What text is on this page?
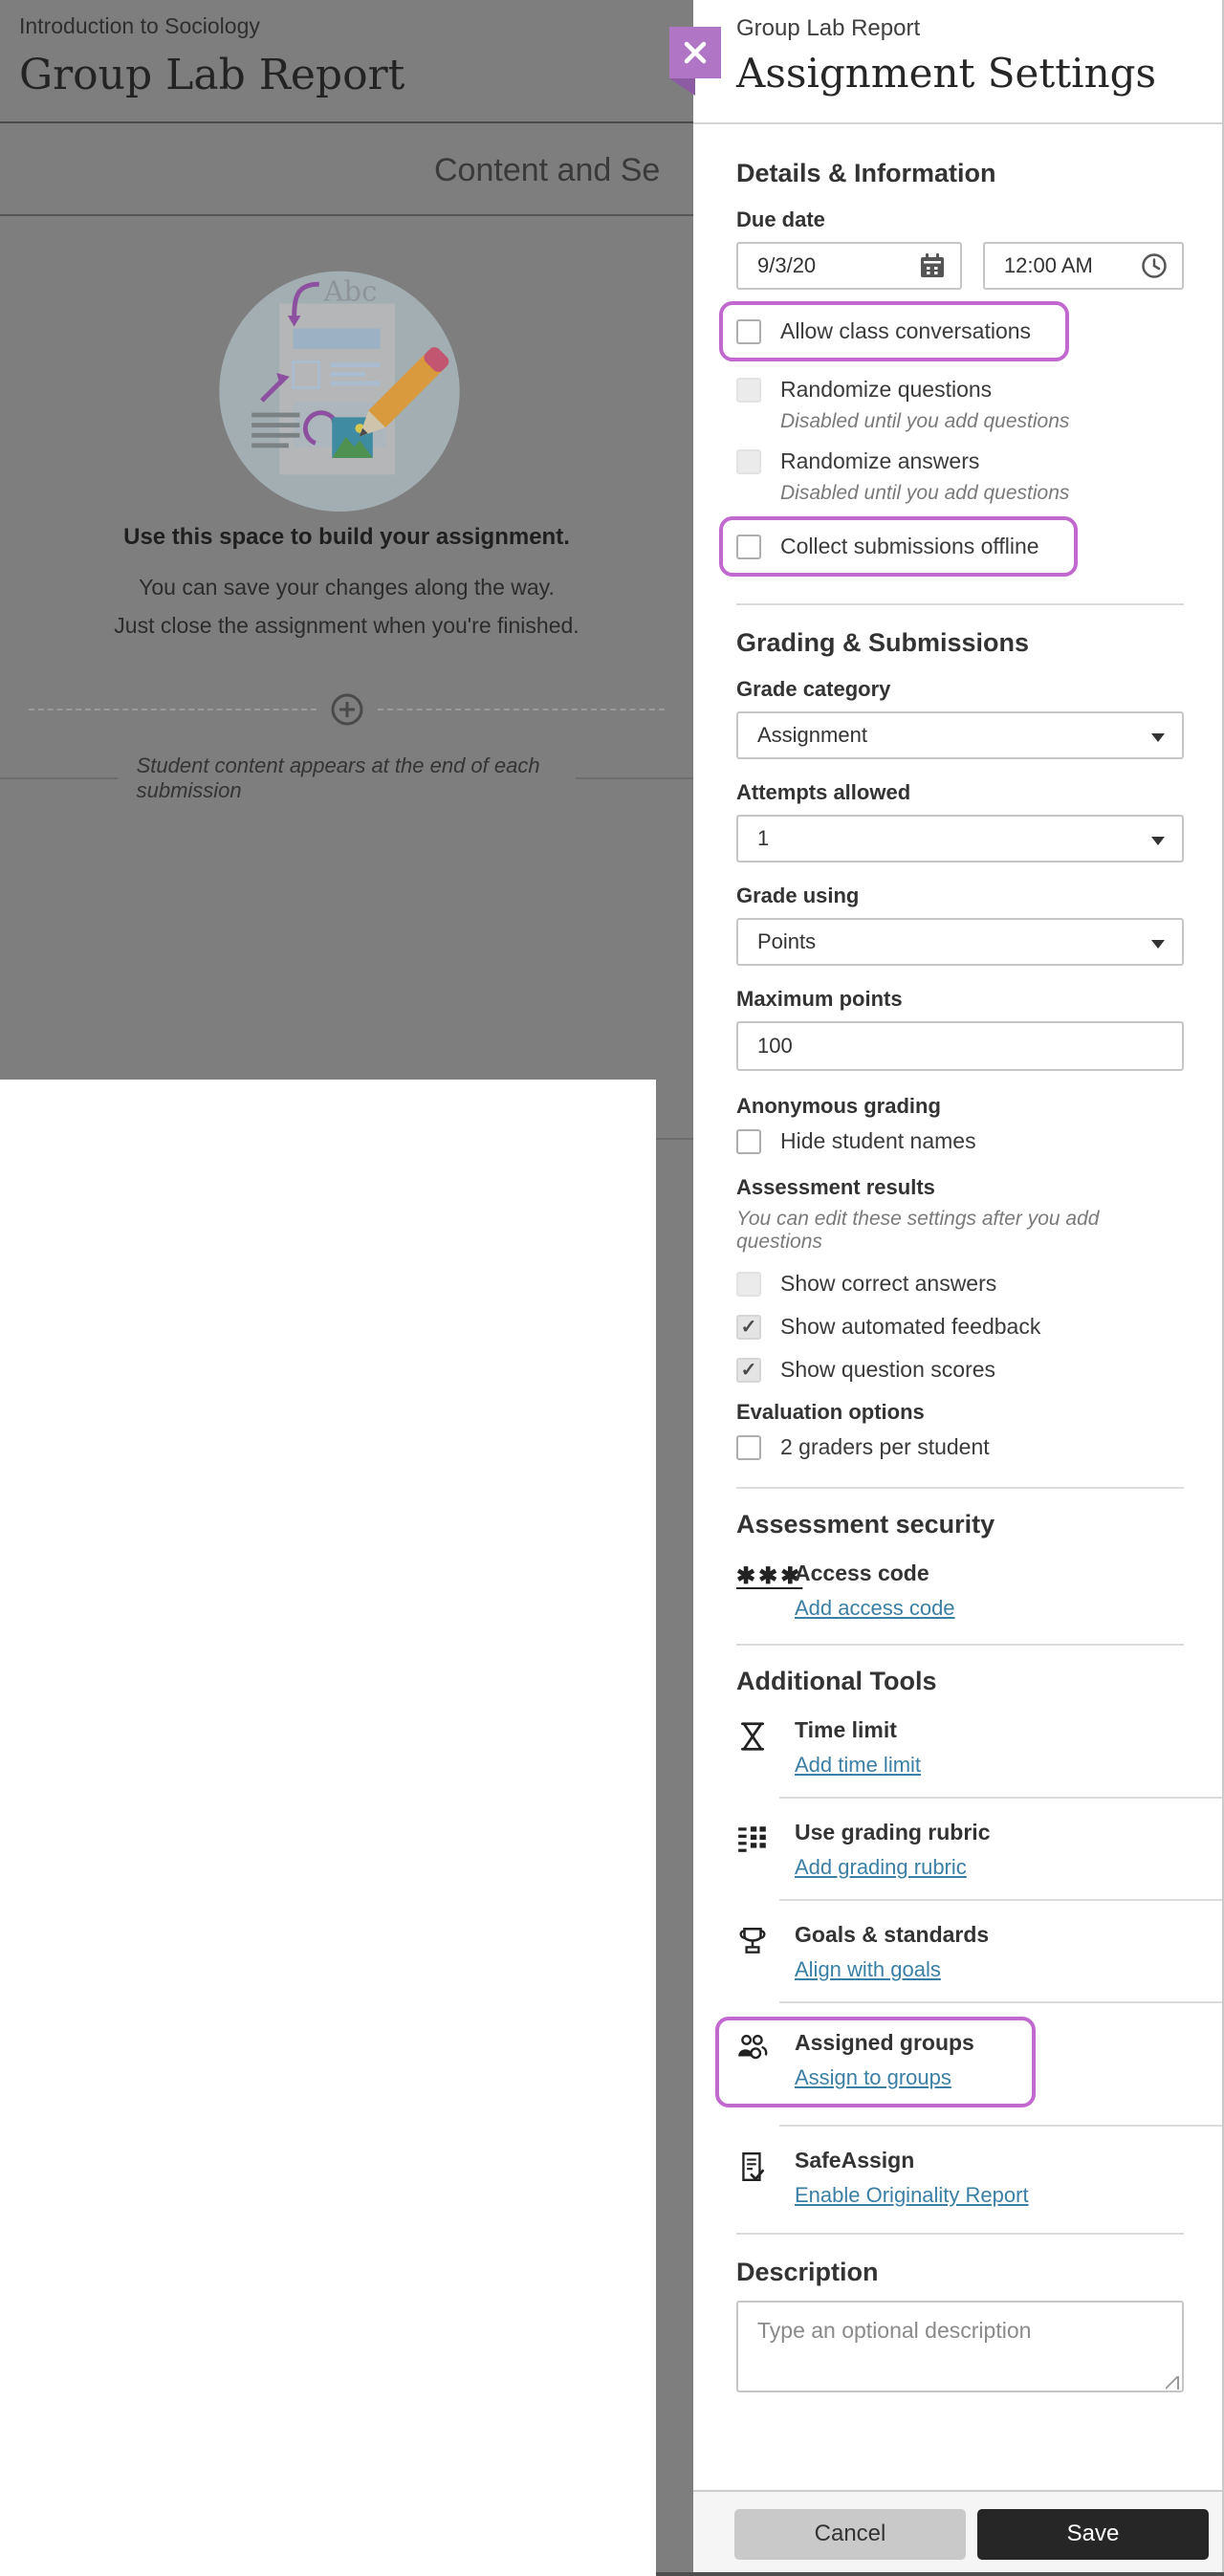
Introduction to Sociology
Group Lab Report
Content and Se
Abc
Use this space to build your assignment.
You can save your changes along the way.
Just close the assignment when you're finished.
Student content appears at the end of each submission
Group Lab Report
Assignment Settings
Details & Information
Due date
9/3/20	12:00 AM
Allow class conversations
Randomize questions
Disabled until you add questions
Randomize answers
Disabled until you add questions
Collect submissions offline
Grading & Submissions
Grade category
Assignment
Attempts allowed
1
Grade using
Points
Maximum points
100
Anonymous grading
Hide student names
Assessment results
You can edit these settings after you add questions
Show correct answers
✓ Show automated feedback
✓ Show question scores
Evaluation options
2 graders per student
Assessment security
✱✱✱
Access code
Add access code
Additional Tools
Time limit
Add time limit
Use grading rubric
Add grading rubric
Goals & standards
Align with goals
Assigned groups
Assign to groups
SafeAssign
Enable Originality Report
Description
Type an optional description
Cancel	Save
